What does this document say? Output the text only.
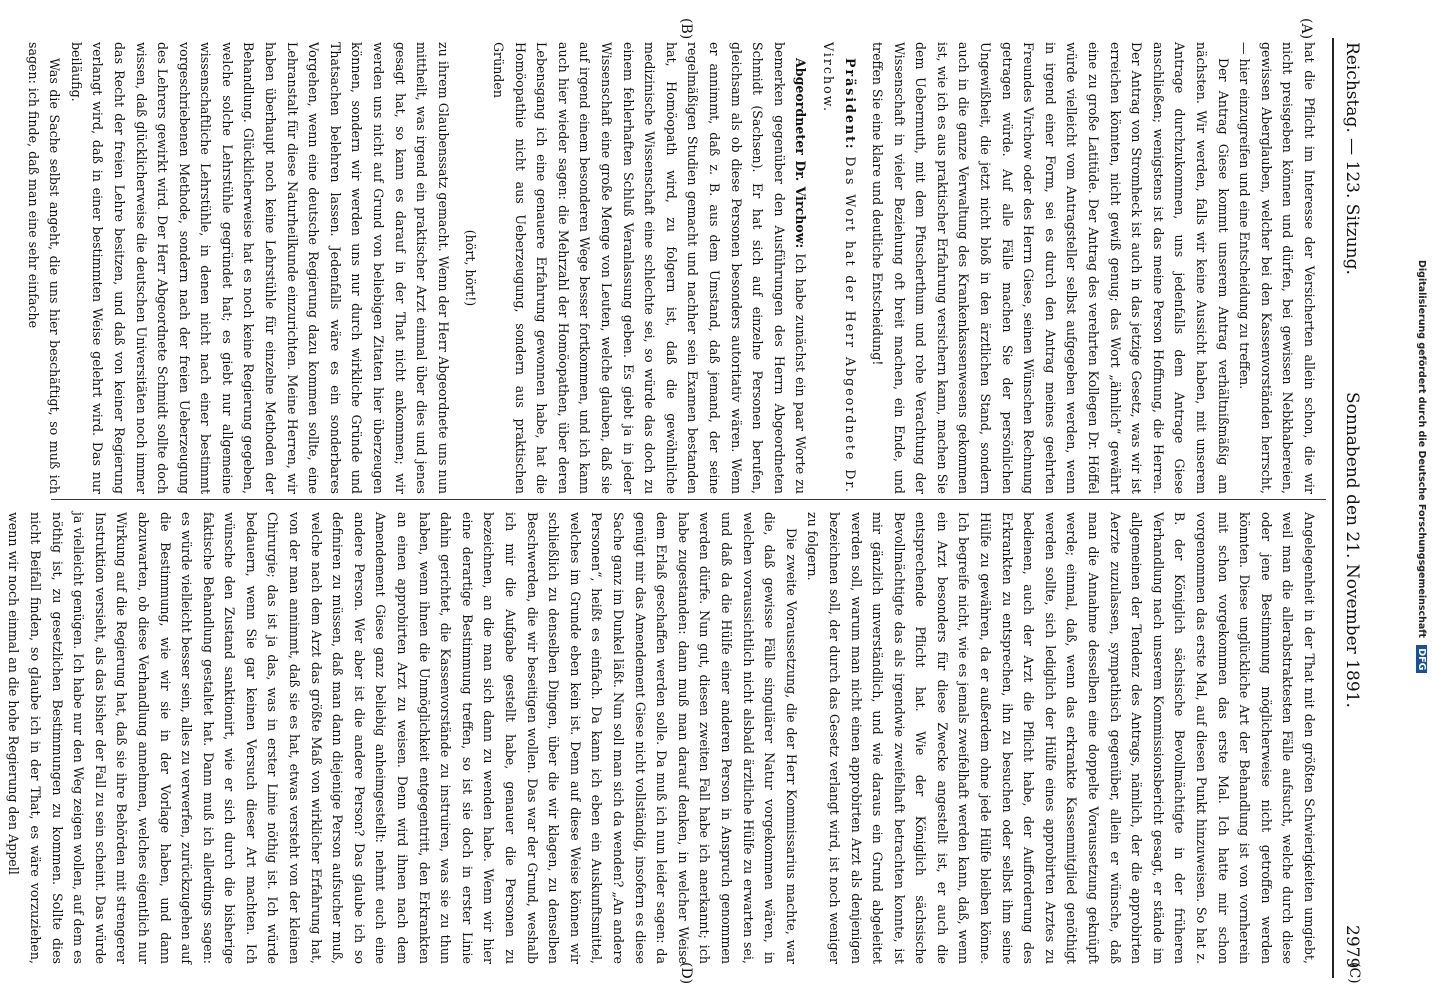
Reichstag. — 123. Sitzung.
Sonnabend den 21. November 1891.
2979
(A)
(B)
(C)
(D)

hat die Pflicht im Interesse der Versicherten allein schon, die wir nicht preisgeben können und dürfen, bei gewissen Nebkhabereien, gewissen Aberglauben, welcher bei den Kassenvorständen herrscht, — hier einzugreifen und eine Entscheidung zu treffen.

Der Antrag Giese kommt unserem Antrag verhältnißmäßig am nächsten. Wir werden, falls wir keine Aussicht haben, mit unserem Antrage durchzukommen, uns jedenfalls dem Antrage Giese anschließen; wenigstens ist das meine Person Hoffnung, die Herren. Der Antrag von Stromheck ist auch in das jetzige Gesetz, was wir ist erreichen könnten, nicht gewiß genug; das Wort „ähnlich“ gewährt eine zu große Latitüde. Der Antrag des verehrten Kollegen Dr. Höffel würde vielleicht vom Antragsteller selbst aufgegeben werden, wenn in irgend einer Form, sei es durch den Antrag meines geehrten Freundes Virchow oder des Herrn Giese, seinen Wünschen Rechnung getragen würde. Auf alle Fälle machen Sie der persönlichen Ungewißheit, die jetzt nicht bloß in den ärztlichen Stand, sondern auch in die ganze Verwaltung des Krankenkassenwesens gekommen ist, wie ich es aus praktischer Erfahrung versichern kann, machen Sie dem Uebermuth, mit dem Pfuscherthum und rohe Verachtung der Wissenschaft in vieler Beziehung oft breit machen, ein Ende, und treffen Sie eine klare und deutliche Entscheidung!

Präsident: Das Wort hat der Herr Abgeordnete Dr. Virchow.

Abgeordneter Dr. Virchow: Ich habe zunächst ein paar Worte zu bemerken gegenüber den Ausführungen des Herrn Abgeordneten Schmidt (Sachsen). Er hat sich auf einzelne Personen berufen, gleichsam als ob diese Personen besonders autoritativ wären. Wenn er annimmt, daß z. B. aus dem Umstand, daß jemand, der seine regelmäßigen Studien gemacht und nachher sein Examen bestanden hat, Homöopath wird, zu folgern ist, daß die gewöhnliche medizinische Wissenschaft eine schlechte sei, so würde das doch zu einem fehlerhaften Schluß Veranlassung geben. Es giebt ja in jeder Wissenschaft eine große Menge von Leuten, welche glauben, daß sie auf irgend einem besonderen Wege besser fortkommen, und ich kann auch hier wieder sagen: die Mehrzahl der Homöopathen, über deren Lebensgang ich eine genauere Erfahrung gewonnen habe, hat die Homöopathie nicht aus Ueberzeugung, sondern aus praktischen Gründen

(hört, hört!)

zu ihrem Glaubenssatz gemacht. Wenn der Herr Abgeordnete uns nun mittheilt, was irgend ein praktischer Arzt einmal über dies und jenes gesagt hat, so kann es darauf in der That nicht ankommen; wir werden uns nicht auf Grund von beliebigen Zitaten hier überzeugen können, sondern wir werden uns nur durch wirkliche Gründe und Thatsachen belehren lassen. Jedenfalls wäre es ein sonderbares Vorgehen, wenn eine deutsche Regierung dazu kommen sollte, eine Lehranstalt für diese Naturheilkunde einzurichten. Meine Herren, wir haben überhaupt noch keine Lehrstühle für einzelne Methoden der Behandlung. Glücklicherweise hat es noch keine Regierung gegeben, welche solche Lehrstühle gegründet hat; es giebt nur allgemeine wissenschaftliche Lehrstühle, in denen nicht nach einer bestimmt vorgeschriebenen Methode, sondern nach der freien Ueberzeugung des Lehrers gewirkt wird. Der Herr Abgeordnete Schmidt sollte doch wissen, daß glücklicherweise die deutschen Universitäten noch immer das Recht der freien Lehre besitzen, und daß von keiner Regierung verlangt wird, daß in einer bestimmten Weise gelehrt wird. Das nur beiläufig.

Was die Sache selbst angeht, die uns hier beschäftigt, so muß ich sagen: ich finde, daß man eine sehr einfache

Angelegenheit in der That mit den größten Schwierigkeiten umgiebt, weil man die allerabstraktesten Fälle aufsucht, welche durch diese oder jene Bestimmung möglicherweise nicht getroffen werden könnten. Diese unglückliche Art der Behandlung ist von vornherein mit schon vorgekommen das erste Mal. Ich hatte mir schon vorgenommen das erste Mal, auf diesen Punkt hinzuweisen. So hat z. B. der Königlich sächsische Bevollmächtigte in der früheren Verhandlung nach unserem Kommissionsbericht gesagt, er stände im allgemeinen der Tendenz des Antrags, nämlich, der die approbirten Aerzte zuzulassen, sympathisch gegenüber, allein er wünsche, daß man die Annahme desselben eine doppelte Voraussetzung geknüpft werde; einmal, daß, wenn das erkrankte Kassenmitglied genöthigt werden sollte, sich lediglich der Hülfe eines approbirten Arztes zu bedienen, auch der Arzt die Pflicht habe, der Aufforderung des Erkrankten zu entsprechen, ihn zu besuchen oder selbst ihm seine Hülfe zu gewähren, da er außerdem ohne jede Hülfe bleiben könne. Ich begreife nicht, wie es jemals zweifelhaft werden kann, daß, wenn ein Arzt besonders für diese Zwecke angestellt ist, er auch die entsprechende Pflicht hat. Wie der Königlich sächsische Bevollmächtigte das als irgendwie zweifelhaft betrachten konnte, ist mir gänzlich unverständlich, und wie daraus ein Grund abgeleitet werden soll, warum man nicht einen approbirten Arzt als denjenigen bezeichnen soll, der durch das Gesetz verlangt wird, ist noch weniger zu folgern.

Die zweite Voraussetzung, die der Herr Kommissarius machte, war die, daß gewisse Fälle singulärer Natur vorgekommen wären, in welchen voraussichtlich nicht alsbald ärztliche Hülfe zu erwarten sei, und daß da die Hülfe einer anderen Person in Anspruch genommen werden dürfe. Nun gut, diesen zweiten Fall habe ich anerkannt; ich habe zugestanden: dann muß man darauf denken, in welcher Weise dem Erlaß geschaffen werden solle. Da muß ich nun leider sagen: da genügt mir das Amendement Giese nicht vollständig, insofern es diese Sache ganz im Dunkel läßt. Nun soll man sich da wenden? „An andere Personen“, heißt es einfach. Da kann ich eben ein Auskunftsmittel, welches im Grunde eben kein ist. Denn auf diese Weise können wir schließlich zu denselben Dingen, über die wir klagen, zu denselben Beschwerden, die wir beseitigen wollen. Das war der Grund, weshalb ich mir die Aufgabe gestellt habe, genauer die Personen zu bezeichnen, an die man sich dann zu wenden habe. Wenn wir hier eine derartige Bestimmung treffen, so ist sie doch in erster Linie dahin gerichtet, die Kassenvorstände zu instruiren, was sie zu thun haben, wenn ihnen die Unmöglichkeit entgegentritt, den Erkrankten an einen approbirten Arzt zu weisen. Denn wird ihnen nach dem Amendement Giese ganz beliebig anheimgestellt: nehmt euch eine andere Person. Wer aber ist die andere Person? Das glaube ich so definiren zu müssen, daß man dann diejenige Person aufsucher muß, welche nach dem Arzt das größte Maß von wirklicher Erfahrung hat, von der man annimmt, daß sie es hat, etwas versteht von der kleinen Chirurgie; das ist ja das, was in erster Linie nöthig ist. Ich würde bedauern, wenn Sie gar keinen Versuch dieser Art machten. Ich wünsche den Zustand sanktionirt, wie er sich durch die bisherige faktische Behandlung gestaltet hat. Dann muß ich allerdings sagen: es würde vielleicht besser sein, alles zu verwerfen, zurückzugehen auf die Bestimmung, wie wir sie in der Vorlage haben, und dann abzuwarten, ob diese Verhandlung annehmen, welches eigentlich nur Wirkung auf die Regierung hat, daß sie ihre Behörden mit strengerer Instruktion versieht, als das bisher der Fall zu sein scheint. Das würde ja vielleicht genügen. Ich habe nur den Weg zeigen wollen, auf dem es nöthig ist, zu gesetzlichen Bestimmungen zu kommen. Sollte dies nicht Beifall finden, so glaube ich in der That, es wäre vorzuziehen, wenn wir noch einmal an die hohe Regierung den Appell

Digitalisierung gefördert durch die Deutsche Forschungsgemeinschaft DFG
